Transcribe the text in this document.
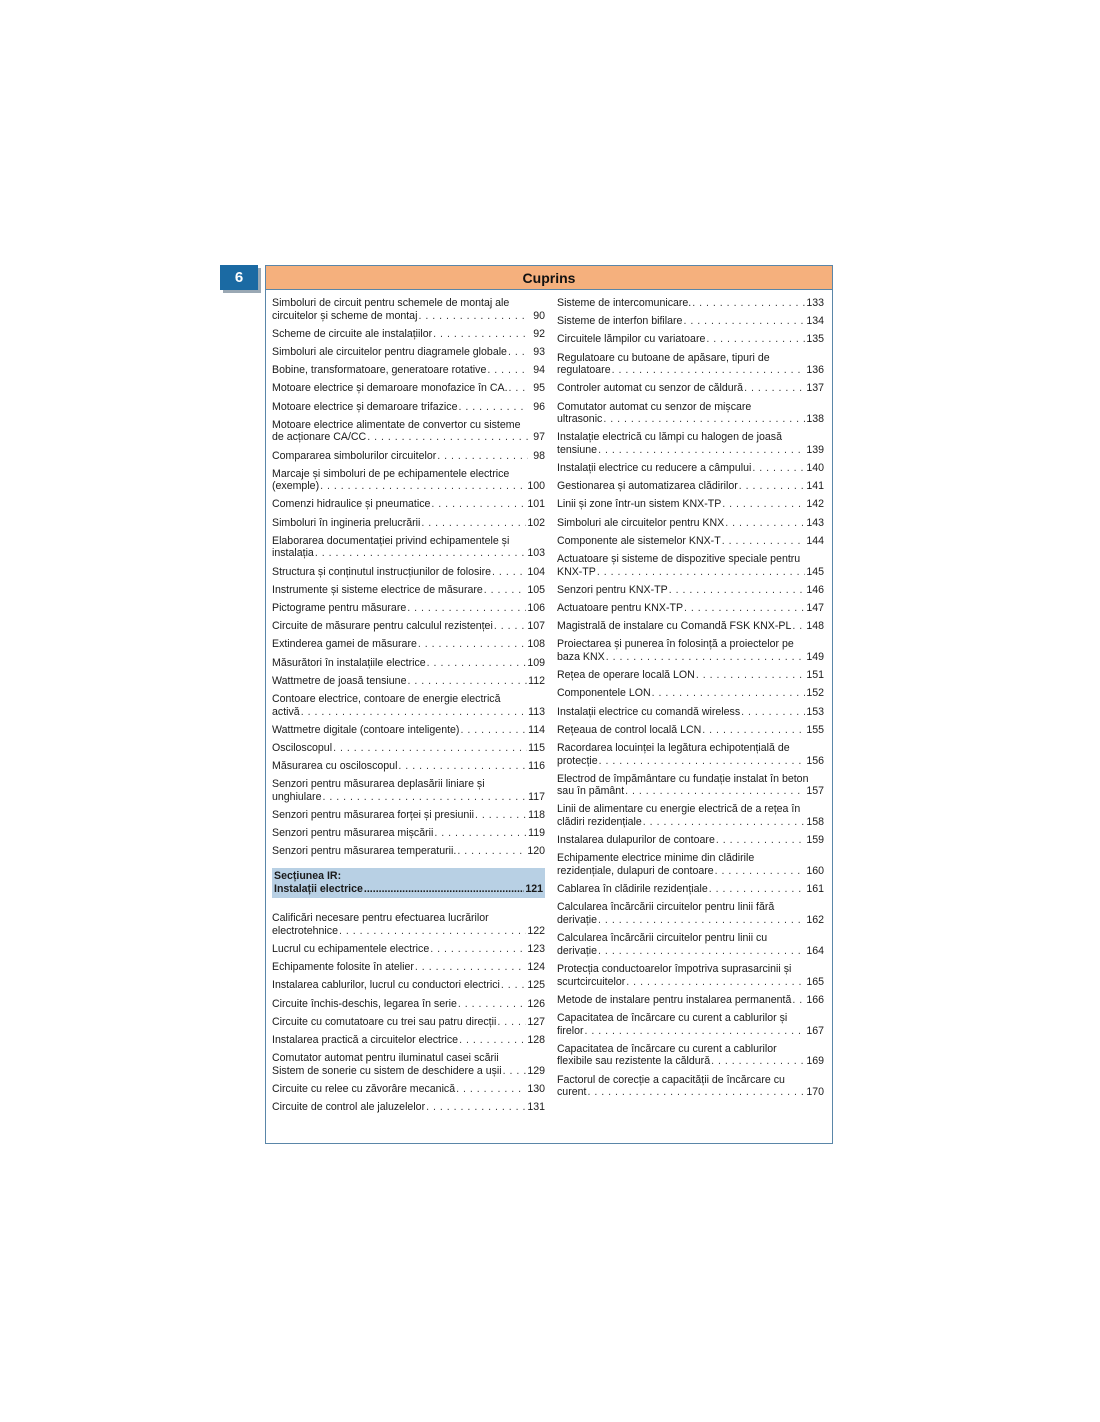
6	Cuprins
Simboluri de circuit pentru schemele de montaj ale
circuitelor și scheme de montaj . . .	90
Scheme de circuite ale instalațiilor . . .	92
Simboluri ale circuitelor pentru diagramele globale . . .	93
Bobine, transformatoare, generatoare rotative . . .	94
Motoare electrice și demaroare monofazice în CA. . . .	95
Motoare electrice și demaroare trifazice . . .	96
Motoare electrice alimentate de convertor cu sisteme
de acționare CA/CC . . .	97
Compararea simbolurilor circuitelor . . .	98
Marcaje și simboluri de pe echipamentele electrice
(exemple) . . .	100
Comenzi hidraulice și pneumatice . . .	101
Simboluri în ingineria prelucrării . . .	102
Elaborarea documentației privind echipamentele și
instalația . . .	103
Structura și conținutul instrucțiunilor de folosire . . .	104
Instrumente și sisteme electrice de măsurare . . .	105
Pictograme pentru măsurare . . .	106
Circuite de măsurare pentru calculul rezistenței . . .	107
Extinderea gamei de măsurare . . .	108
Măsurători în instalațiile electrice . . .	109
Wattmetre de joasă tensiune . . .	112
Contoare electrice, contoare de energie electrică
activă . . .	113
Wattmetre digitale (contoare inteligente) . . .	114
Osciloscopul . . .	115
Măsurarea cu osciloscopul . . .	116
Senzori pentru măsurarea deplasării liniare și
unghiulare . . .	117
Senzori pentru măsurarea forței și presiunii . . .	118
Senzori pentru măsurarea mișcării . . .	119
Senzori pentru măsurarea temperaturii. . . .	120
Secțiunea IR:
Instalații electrice .....	121
Calificări necesare pentru efectuarea lucrărilor
electrotehnice . . .	122
Lucrul cu echipamentele electrice . . .	123
Echipamente folosite în atelier . . .	124
Instalarea cablurilor, lucrul cu conductori electrici . . .	125
Circuite închis-deschis, legarea în serie . . .	126
Circuite cu comutatoare cu trei sau patru direcții . . .	127
Instalarea practică a circuitelor electrice . . .	128
Comutator automat pentru iluminatul casei scării
Sistem de sonerie cu sistem de deschidere a ușii . . . 129
Circuite cu relee cu zăvorâre mecanică . . .	130
Circuite de control ale jaluzelelor . . .	131
Sisteme de intercomunicare. . . .	133
Sisteme de interfon bifilare . . .	134
Circuitele lămpilor cu variatoare . . .	135
Regulatoare cu butoane de apăsare, tipuri de
regulatoare . . .	136
Controler automat cu senzor de căldură . . .	137
Comutator automat cu senzor de mișcare
ultrasonic . . .	138
Instalație electrică cu lămpi cu halogen de joasă
tensiune . . .	139
Instalații electrice cu reducere a câmpului . . .	140
Gestionarea și automatizarea clădirilor . . .	141
Linii și zone într-un sistem KNX-TP . . .	142
Simboluri ale circuitelor pentru KNX . . .	143
Componente ale sistemelor KNX-T . . .	144
Actuatoare și sisteme de dispozitive speciale pentru
KNX-TP . . .	145
Senzori pentru KNX-TP . . .	146
Actuatoare pentru KNX-TP . . .	147
Magistrală de instalare cu Comandă FSK KNX-PL . . . 148
Proiectarea și punerea în folosință a proiectelor pe
baza KNX . . .	149
Rețea de operare locală LON . . .	151
Componentele LON . . .	152
Instalații electrice cu comandă wireless . . .	153
Rețeaua de control locală LCN . . .	155
Racordarea locuinței la legătura echipotențială de
protecție . . .	156
Electrod de împământare cu fundație instalat în beton
sau în pământ . . .	157
Linii de alimentare cu energie electrică de a rețea în
clădiri rezidențiale . . .	158
Instalarea dulapurilor de contoare . . .	159
Echipamente electrice minime din clădirile
rezidențiale, dulapuri de contoare . . .	160
Cablarea în clădirile rezidențiale . . .	161
Calcularea încărcării circuitelor pentru linii fără
derivație . . .	162
Calcularea încărcării circuitelor pentru linii cu
derivație . . .	164
Protecția conductoarelor împotriva suprasarcinii și
scurtcircuitelor . . .	165
Metode de instalare pentru instalarea permanentă . . . 166
Capacitatea de încărcare cu curent a cablurilor și
firelor . . .	167
Capacitatea de încărcare cu curent a cablurilor
flexibile sau rezistente la căldură . . .	169
Factorul de corecție a capacității de încărcare cu
curent . . .	170
